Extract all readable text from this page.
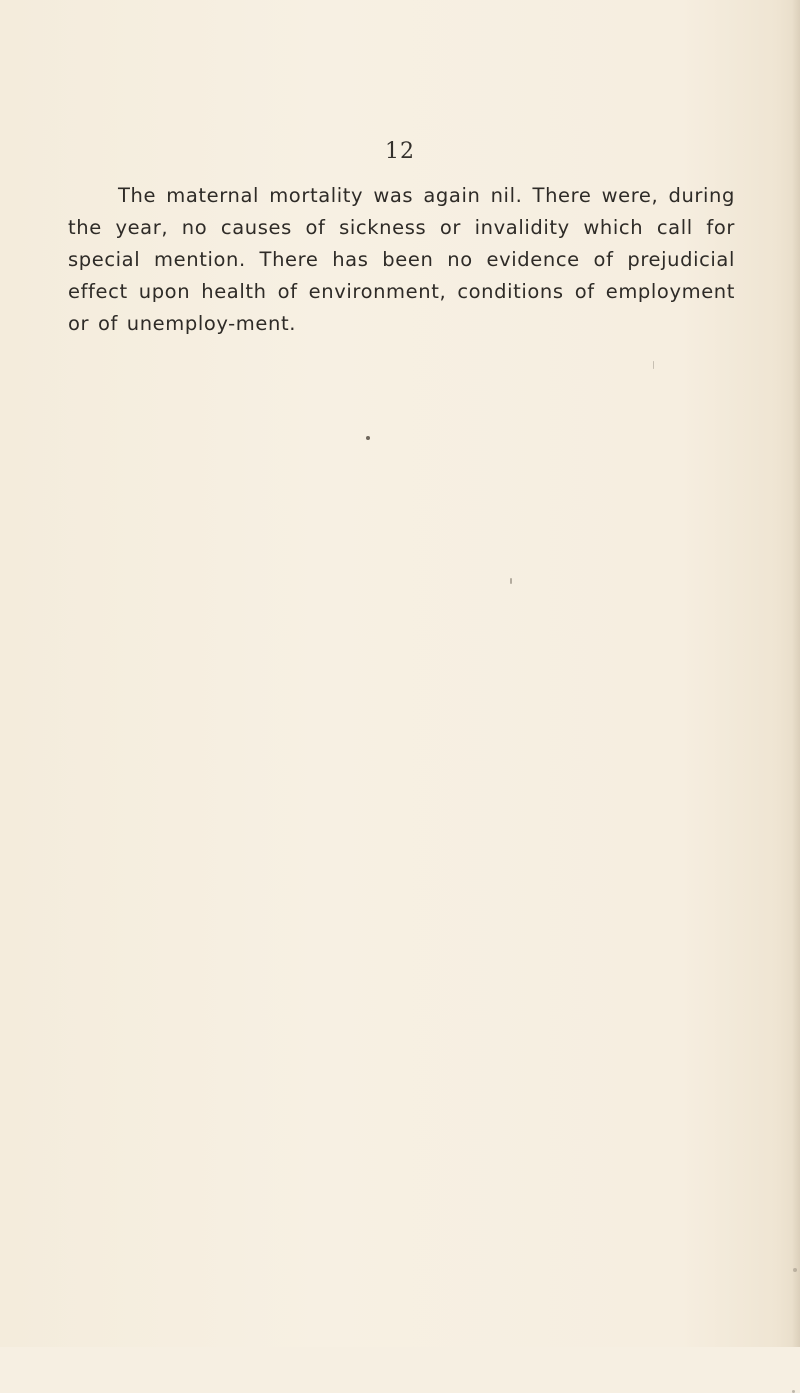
12

The maternal mortality was again nil. There were, during the year, no causes of sickness or invalidity which call for special mention. There has been no evidence of prejudicial effect upon health of environment, conditions of employment or of unemploy-ment.
